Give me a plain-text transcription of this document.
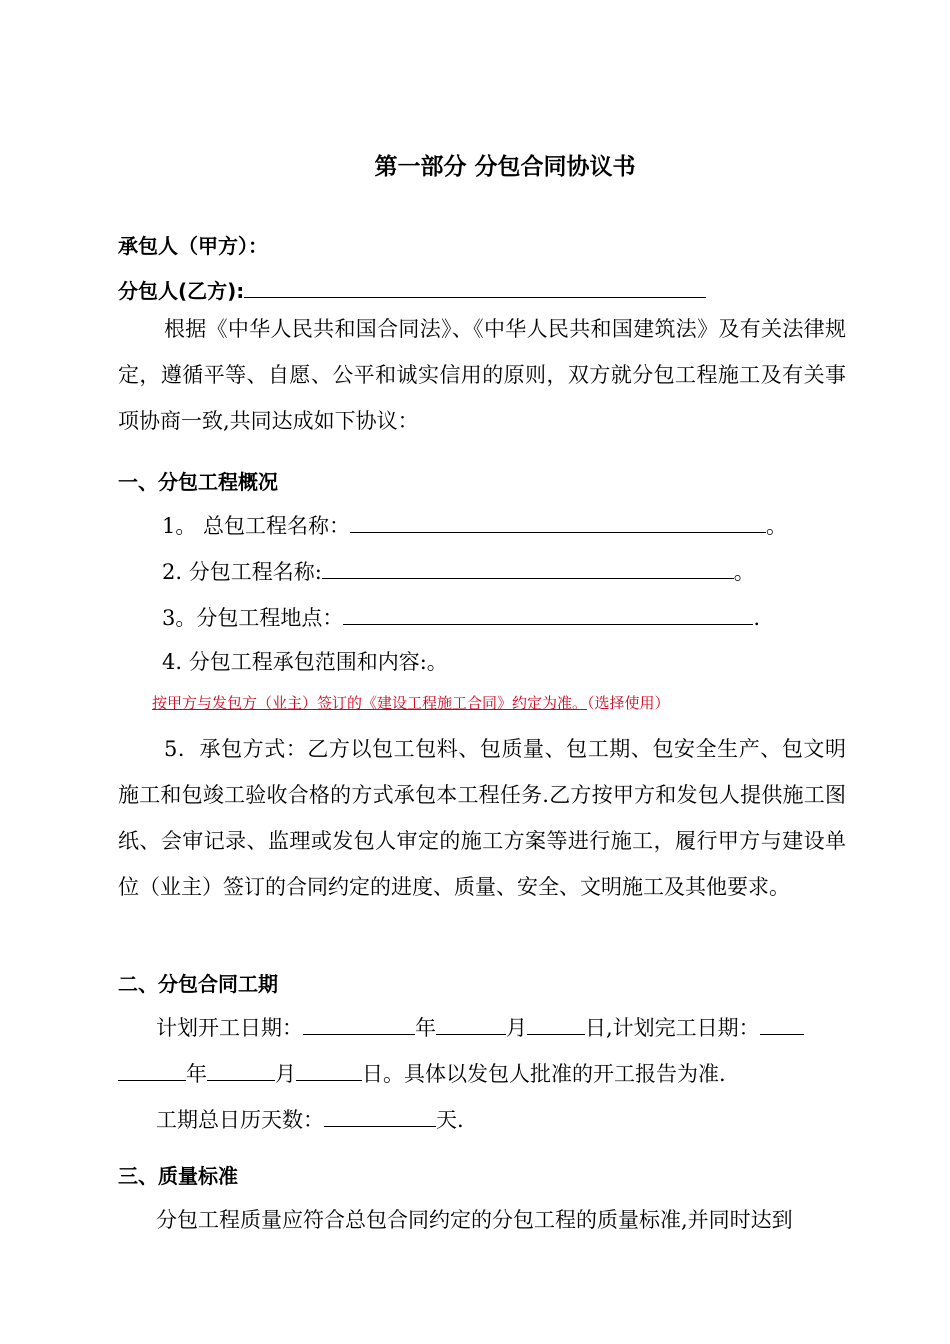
第一部分 分包合同协议书
承包人（甲方）：
分包人(乙方):
根据《中华人民共和国合同法》、《中华人民共和国建筑法》及有关法律规定，遵循平等、自愿、公平和诚实信用的原则，双方就分包工程施工及有关事项协商一致,共同达成如下协议：
一、分包工程概况
1。 总包工程名称：	。
2. 分包工程名称:	。
3。分包工程地点：	.
4. 分包工程承包范围和内容:。
按甲方与发包方（业主）签订的《建设工程施工合同》约定为准。（选择使用）
5．承包方式：乙方以包工包料、包质量、包工期、包安全生产、包文明施工和包竣工验收合格的方式承包本工程任务.乙方按甲方和发包人提供施工图纸、会审记录、监理或发包人审定的施工方案等进行施工，履行甲方与建设单位（业主）签订的合同约定的进度、质量、安全、文明施工及其他要求。
二、分包合同工期
计划开工日期：	年	月	日,计划完工日期：
年	月	日。具体以发包人批准的开工报告为准.
工期总日历天数：	天.
三、质量标准
分包工程质量应符合总包合同约定的分包工程的质量标准,并同时达到
